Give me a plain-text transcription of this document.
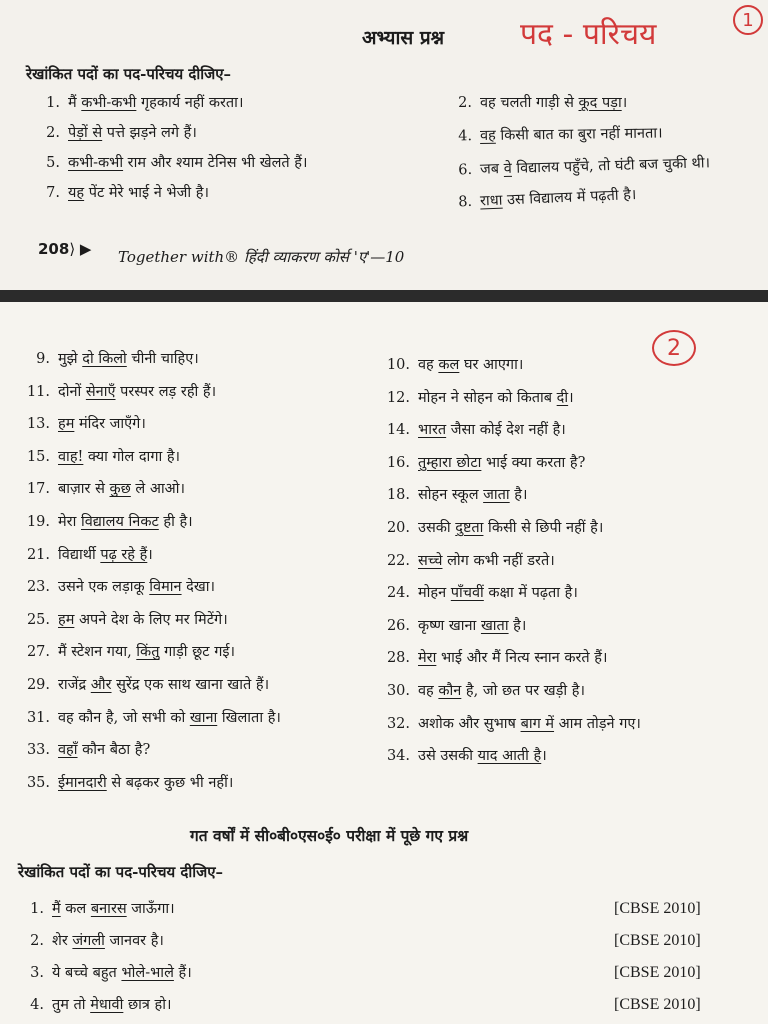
अभ्यास प्रश्न	पद - परिचय	1
रेखांकित पदों का पद-परिचय दीजिए–
1. मैं कभी-कभी गृहकार्य नहीं करता।
2. पेड़ों से पत्ते झड़ने लगे हैं।
5. कभी-कभी राम और श्याम टेनिस भी खेलते हैं।
7. यह पेंट मेरे भाई ने भेजी है।
2. वह चलती गाड़ी से कूद पड़ा।
4. वह किसी बात का बुरा नहीं मानता।
6. जब वे विद्यालय पहुँचे, तो घंटी बज चुकी थी।
8. राधा उस विद्यालय में पढ़ती है।
208⟩ ▶ Together with® हिंदी व्याकरण कोर्स 'ए'—10
2
9. मुझे दो किलो चीनी चाहिए।
11. दोनों सेनाएँ परस्पर लड़ रही हैं।
13. हम मंदिर जाएँगे।
15. वाह! क्या गोल दागा है।
17. बाज़ार से कुछ ले आओ।
19. मेरा विद्यालय निकट ही है।
21. विद्यार्थी पढ़ रहे हैं।
23. उसने एक लड़ाकू विमान देखा।
25. हम अपने देश के लिए मर मिटेंगे।
27. मैं स्टेशन गया, किंतु गाड़ी छूट गई।
29. राजेंद्र और सुरेंद्र एक साथ खाना खाते हैं।
31. वह कौन है, जो सभी को खाना खिलाता है।
33. वहाँ कौन बैठा है?
35. ईमानदारी से बढ़कर कुछ भी नहीं।
10. वह कल घर आएगा।
12. मोहन ने सोहन को किताब दी।
14. भारत जैसा कोई देश नहीं है।
16. तुम्हारा छोटा भाई क्या करता है?
18. सोहन स्कूल जाता है।
20. उसकी दुष्टता किसी से छिपी नहीं है।
22. सच्चे लोग कभी नहीं डरते।
24. मोहन पाँचवीं कक्षा में पढ़ता है।
26. कृष्ण खाना खाता है।
28. मेरा भाई और मैं नित्य स्नान करते हैं।
30. वह कौन है, जो छत पर खड़ी है।
32. अशोक और सुभाष बाग में आम तोड़ने गए।
34. उसे उसकी याद आती है।
गत वर्षों में सी०बी०एस०ई० परीक्षा में पूछे गए प्रश्न
रेखांकित पदों का पद-परिचय दीजिए–
1. मैं कल बनारस जाऊँगा।	[CBSE 2010]
2. शेर जंगली जानवर है।	[CBSE 2010]
3. ये बच्चे बहुत भोले-भाले हैं।	[CBSE 2010]
4. तुम तो मेधावी छात्र हो।	[CBSE 2010]
